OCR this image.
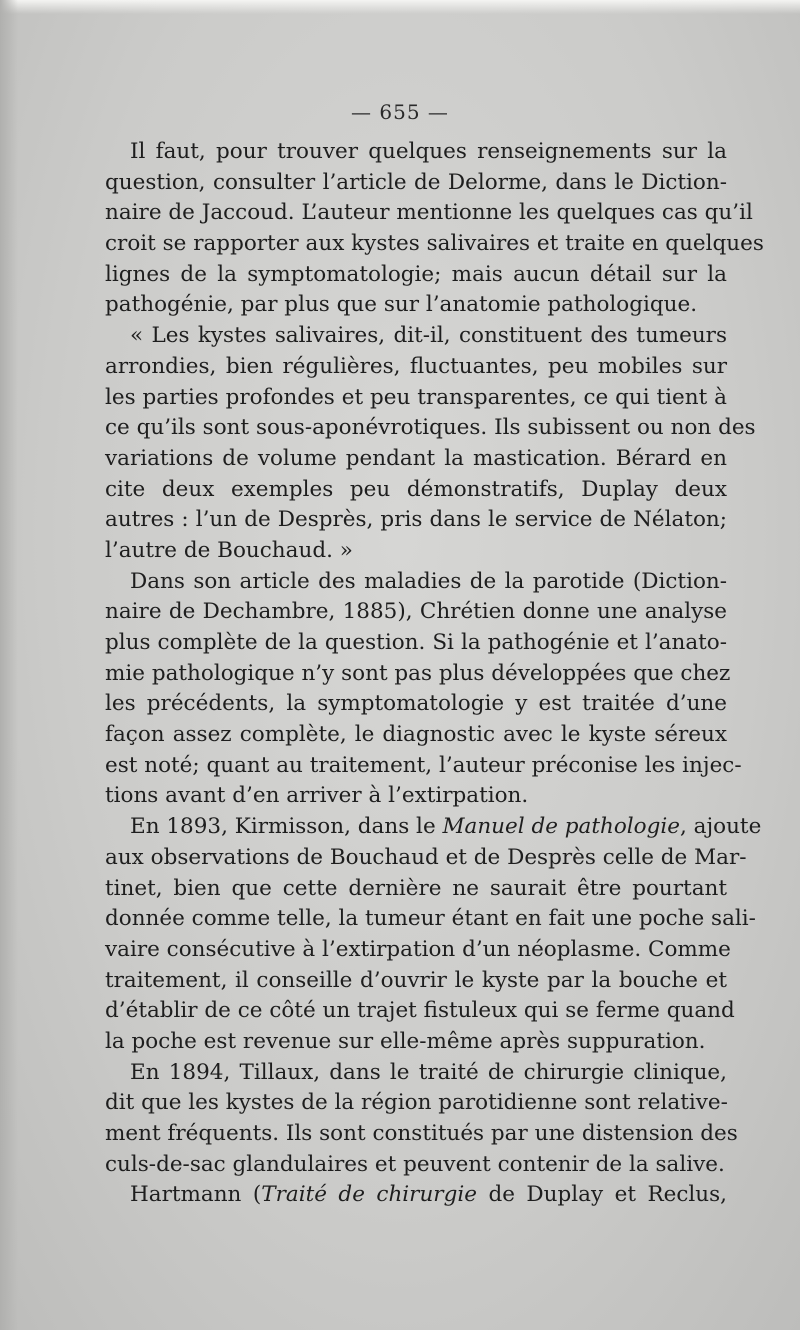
— 655 —
Il faut, pour trouver quelques renseignements sur la
question, consulter l’article de Delorme, dans le Diction-
naire de Jaccoud. L’auteur mentionne les quelques cas qu’il
croit se rapporter aux kystes salivaires et traite en quelques
lignes de la symptomatologie; mais aucun détail sur la
pathogénie, par plus que sur l’anatomie pathologique.
« Les kystes salivaires, dit-il, constituent des tumeurs
arrondies, bien régulières, fluctuantes, peu mobiles sur
les parties profondes et peu transparentes, ce qui tient à
ce qu’ils sont sous-aponévrotiques. Ils subissent ou non des
variations de volume pendant la mastication. Bérard en
cite deux exemples peu démonstratifs, Duplay deux
autres : l’un de Desprès, pris dans le service de Nélaton;
l’autre de Bouchaud. »
Dans son article des maladies de la parotide (Diction-
naire de Dechambre, 1885), Chrétien donne une analyse
plus complète de la question. Si la pathogénie et l’anato-
mie pathologique n’y sont pas plus développées que chez
les précédents, la symptomatologie y est traitée d’une
façon assez complète, le diagnostic avec le kyste séreux
est noté; quant au traitement, l’auteur préconise les injec-
tions avant d’en arriver à l’extirpation.
En 1893, Kirmisson, dans le Manuel de pathologie, ajoute
aux observations de Bouchaud et de Desprès celle de Mar-
tinet, bien que cette dernière ne saurait être pourtant
donnée comme telle, la tumeur étant en fait une poche sali-
vaire consécutive à l’extirpation d’un néoplasme. Comme
traitement, il conseille d’ouvrir le kyste par la bouche et
d’établir de ce côté un trajet fistuleux qui se ferme quand
la poche est revenue sur elle-même après suppuration.
En 1894, Tillaux, dans le traité de chirurgie clinique,
dit que les kystes de la région parotidienne sont relative-
ment fréquents. Ils sont constitués par une distension des
culs-de-sac glandulaires et peuvent contenir de la salive.
Hartmann (Traité de chirurgie de Duplay et Reclus,
